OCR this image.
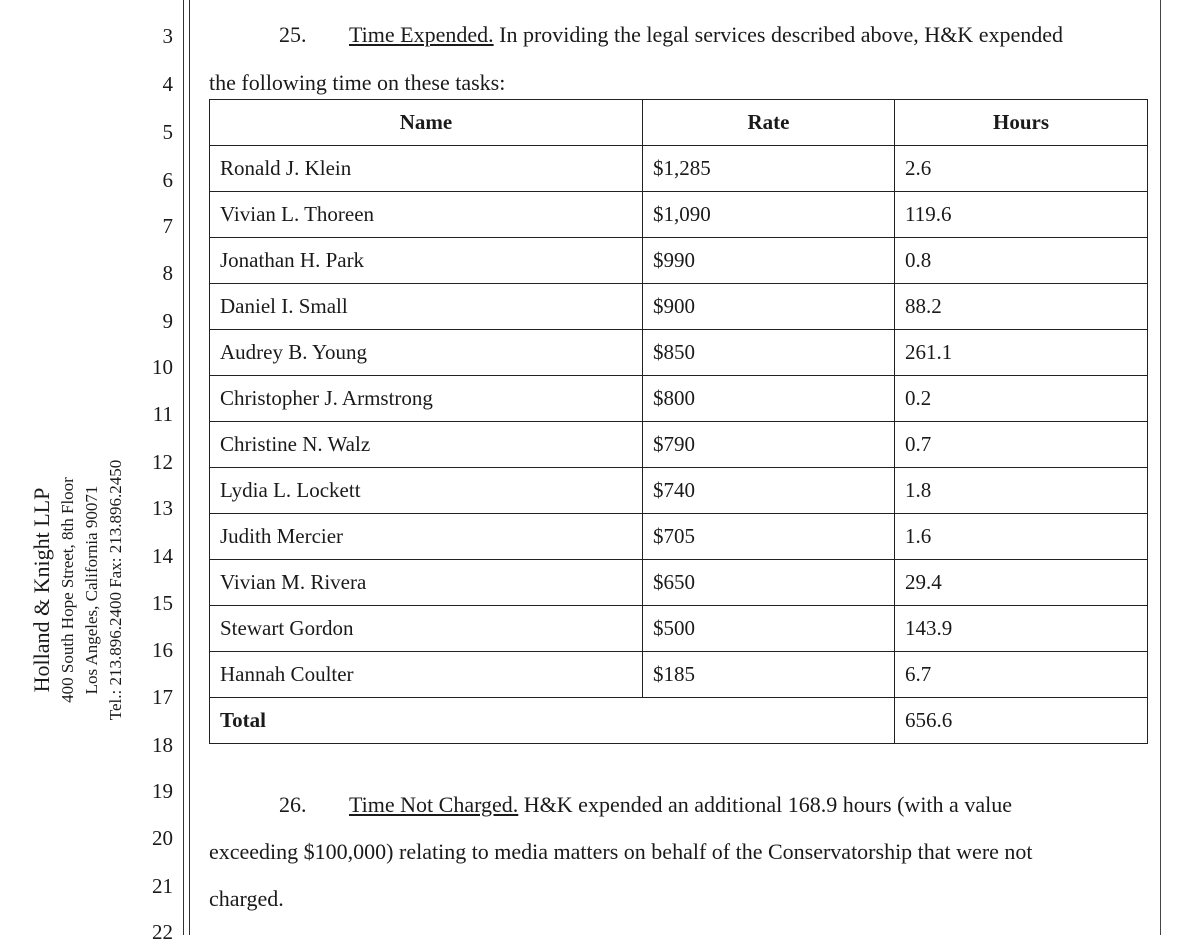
3
4
5
6
7
8
9
10
11
12
13
14
15
16
17
18
19
20
21
22
Holland & Knight LLP 400 South Hope Street, 8th Floor Los Angeles, California 90071 Tel.: 213.896.2400 Fax: 213.896.2450
25. Time Expended. In providing the legal services described above, H&K expended
the following time on these tasks:
Name	Rate	Hours
Ronald J. Klein	$1,285	2.6
Vivian L. Thoreen	$1,090	119.6
Jonathan H. Park	$990	0.8
Daniel I. Small	$900	88.2
Audrey B. Young	$850	261.1
Christopher J. Armstrong	$800	0.2
Christine N. Walz	$790	0.7
Lydia L. Lockett	$740	1.8
Judith Mercier	$705	1.6
Vivian M. Rivera	$650	29.4
Stewart Gordon	$500	143.9
Hannah Coulter	$185	6.7
Total		656.6
26. Time Not Charged. H&K expended an additional 168.9 hours (with a value
exceeding $100,000) relating to media matters on behalf of the Conservatorship that were not
charged.
